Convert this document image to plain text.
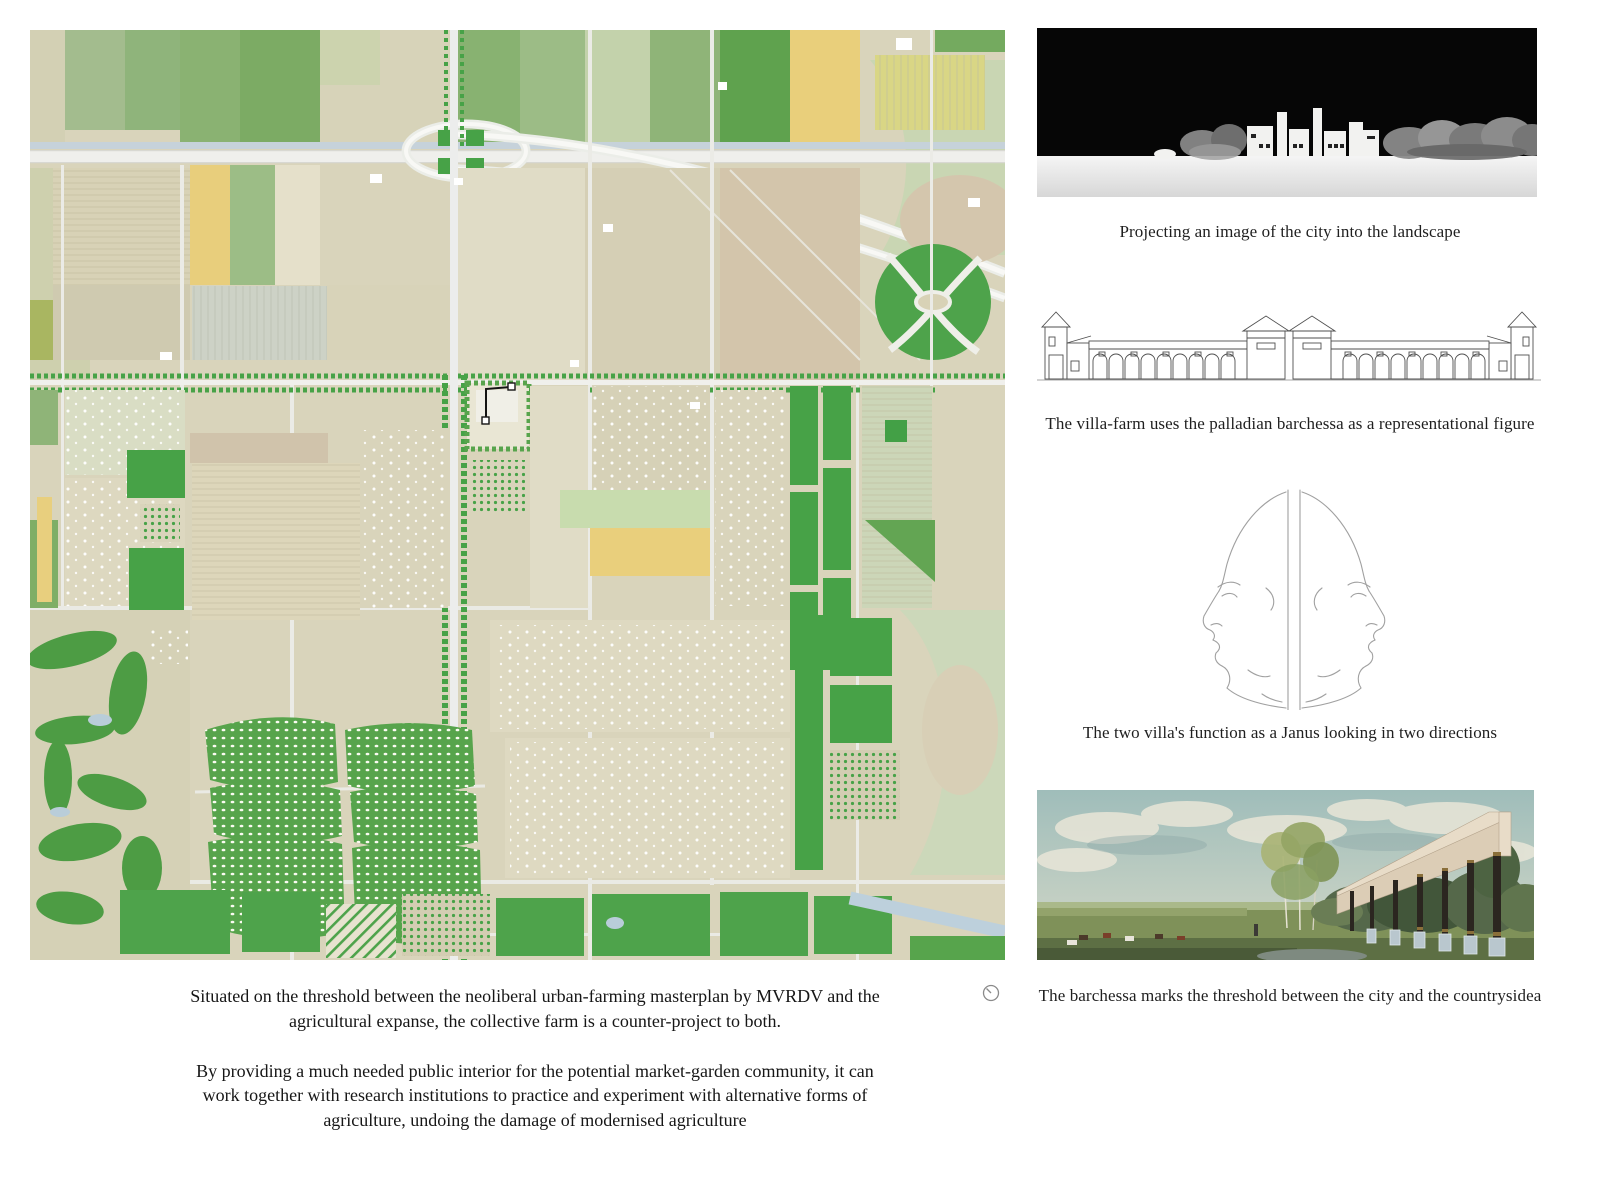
Projecting an image of the city into the landscape
The villa-farm uses the palladian barchessa as a representational figure
The two villa's function as a Janus looking in two directions
The barchessa marks the threshold between the city and the countrysidea

Situated on the threshold between the neoliberal urban-farming masterplan by MVRDV and the agricultural expanse, the collective farm is a counter-project to both.

By providing a much needed public interior for the potential market-garden community, it can work together with research institutions to practice and experiment with alternative forms of agriculture, undoing the damage of modernised agriculture
